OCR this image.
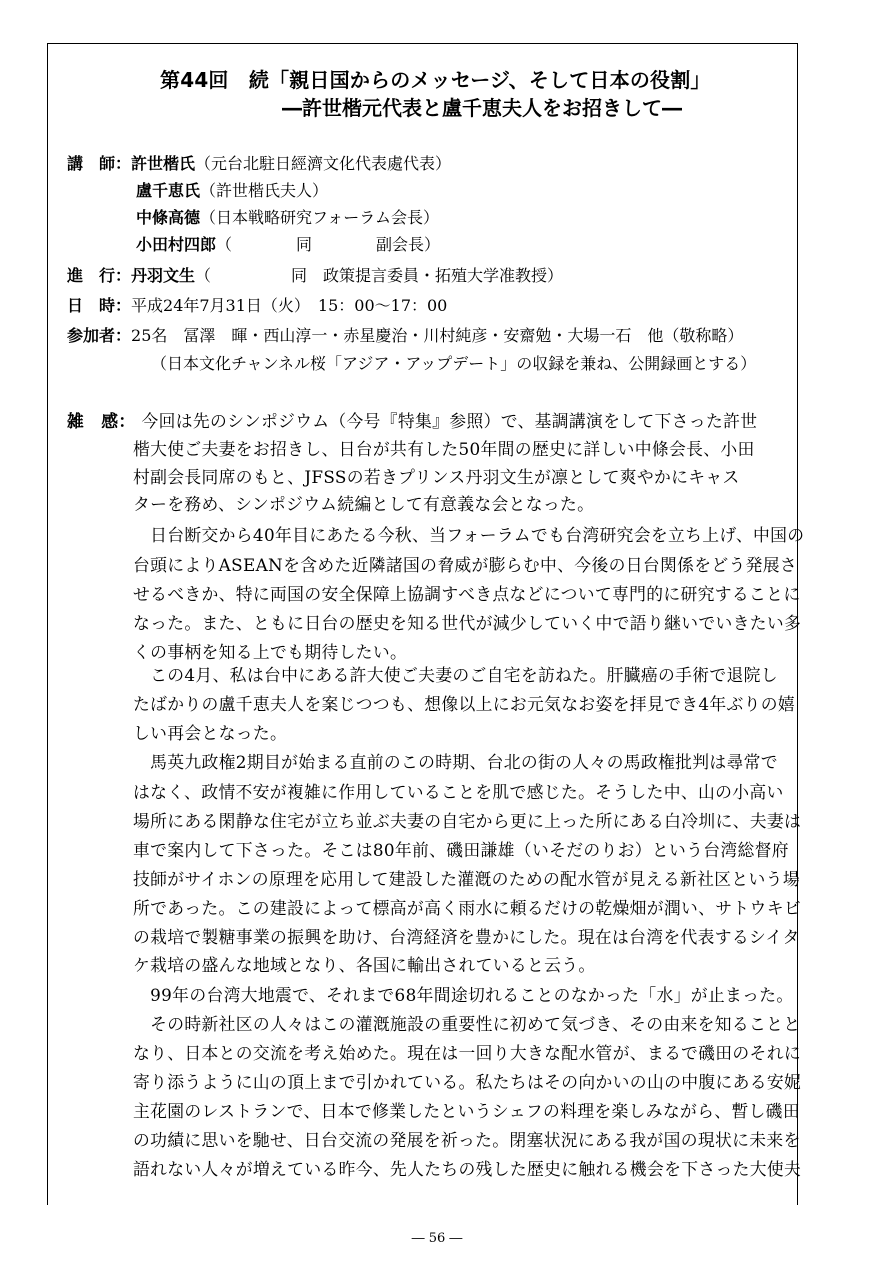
第44回　続「親日国からのメッセージ、そして日本の役割」
―許世楷元代表と盧千恵夫人をお招きして―
講　師：許世楷氏（元台北駐日經濟文化代表處代表）
盧千恵氏（許世楷氏夫人）
中條高德（日本戦略研究フォーラム会長）
小田村四郎（　　　　同　　　　副会長）
進　行：丹羽文生（　　　　　同　政策提言委員・拓殖大学准教授）
日　時：平成24年7月31日（火）　15：00～17：00
参加者：25名　冨澤　暉・西山淳一・赤星慶治・川村純彦・安齋勉・大場一石　他（敬称略）
（日本文化チャンネル桜「アジア・アップデート」の収録を兼ね、公開録画とする）
雑　感： 今回は先のシンポジウム（今号『特集』参照）で、基調講演をして下さった許世
楷大使ご夫妻をお招きし、日台が共有した50年間の歴史に詳しい中條会長、小田
村副会長同席のもと、JFSSの若きプリンス丹羽文生が凛として爽やかにキャス
ターを務め、シンポジウム続編として有意義な会となった。
　日台断交から40年目にあたる今秋、当フォーラムでも台湾研究会を立ち上げ、中国の
台頭によりASEANを含めた近隣諸国の脅威が膨らむ中、今後の日台関係をどう発展さ
せるべきか、特に両国の安全保障上協調すべき点などについて専門的に研究することに
なった。また、ともに日台の歴史を知る世代が減少していく中で語り継いでいきたい多
くの事柄を知る上でも期待したい。
　この4月、私は台中にある許大使ご夫妻のご自宅を訪ねた。肝臓癌の手術で退院し
たばかりの盧千恵夫人を案じつつも、想像以上にお元気なお姿を拝見でき4年ぶりの嬉
しい再会となった。
　馬英九政権2期目が始まる直前のこの時期、台北の街の人々の馬政権批判は尋常で
はなく、政情不安が複雑に作用していることを肌で感じた。そうした中、山の小高い
場所にある閑静な住宅が立ち並ぶ夫妻の自宅から更に上った所にある白冷圳に、夫妻は
車で案内して下さった。そこは80年前、磯田謙雄（いそだのりお）という台湾総督府
技師がサイホンの原理を応用して建設した灌漑のための配水管が見える新社区という場
所であった。この建設によって標高が高く雨水に頼るだけの乾燥畑が潤い、サトウキビ
の栽培で製糖事業の振興を助け、台湾経済を豊かにした。現在は台湾を代表するシイタ
ケ栽培の盛んな地域となり、各国に輸出されていると云う。
　99年の台湾大地震で、それまで68年間途切れることのなかった「水」が止まった。
　その時新社区の人々はこの灌漑施設の重要性に初めて気づき、その由来を知ることと
なり、日本との交流を考え始めた。現在は一回り大きな配水管が、まるで磯田のそれに
寄り添うように山の頂上まで引かれている。私たちはその向かいの山の中腹にある安妮
主花園のレストランで、日本で修業したというシェフの料理を楽しみながら、暫し磯田
の功績に思いを馳せ、日台交流の発展を祈った。閉塞状況にある我が国の現状に未来を
語れない人々が増えている昨今、先人たちの残した歴史に触れる機会を下さった大使夫
― 56 ―
